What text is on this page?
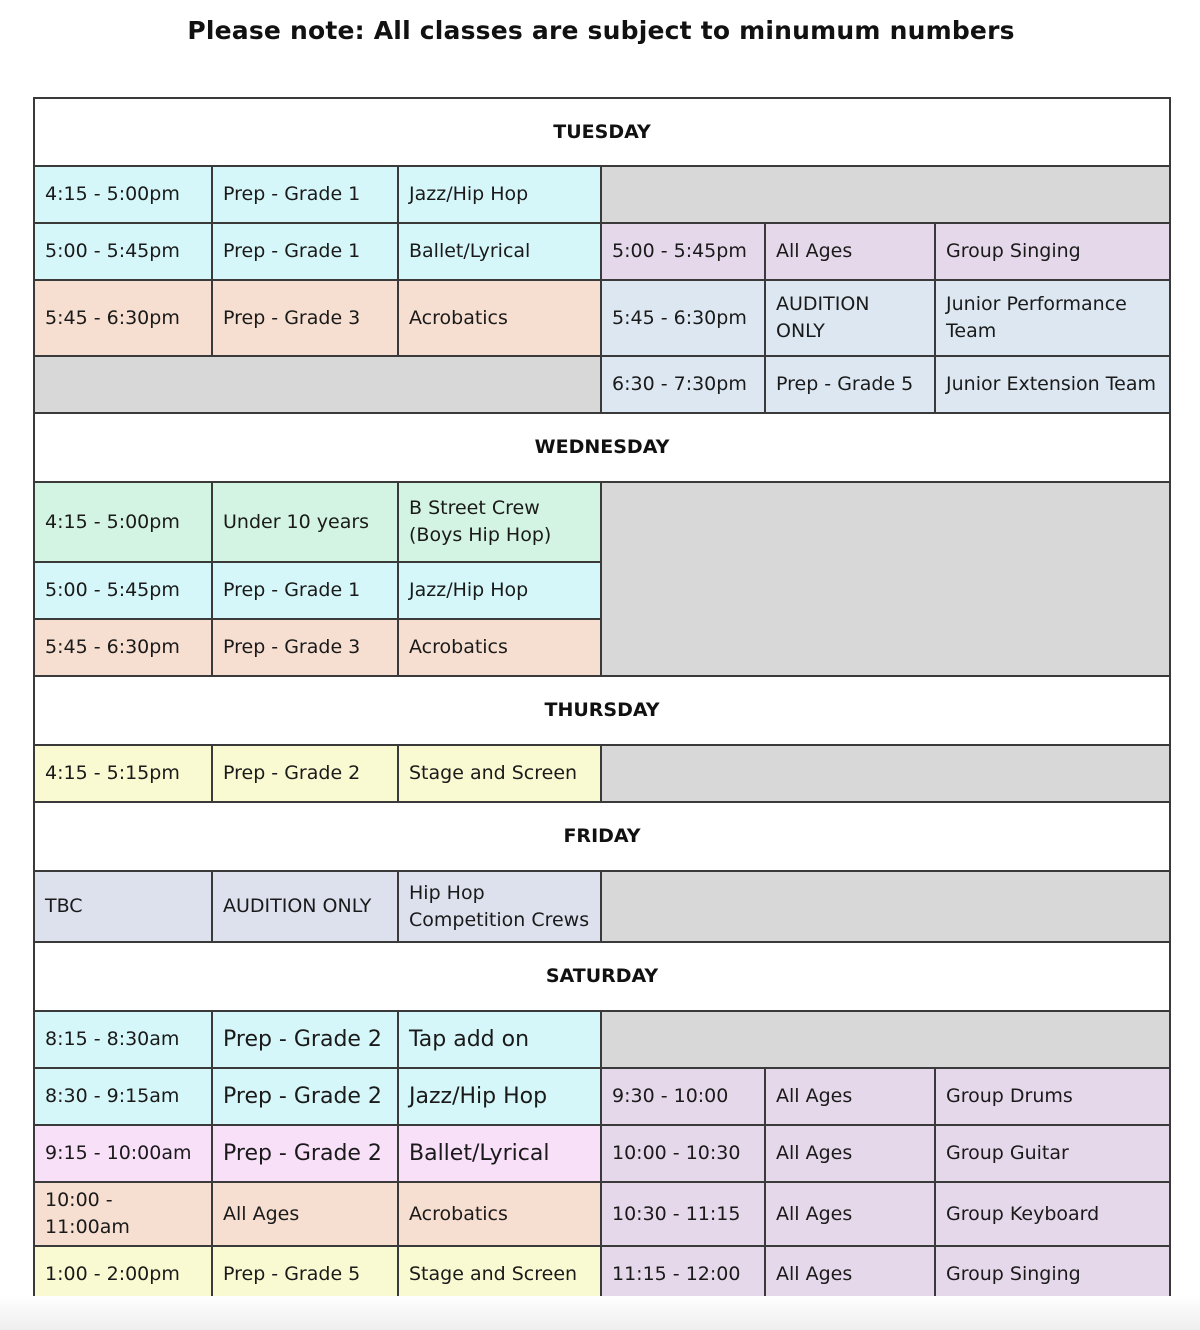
Please note: All classes are subject to minumum numbers
TUESDAY					
4:15 - 5:00pm	Prep - Grade 1	Jazz/Hip Hop			
5:00 - 5:45pm	Prep - Grade 1	Ballet/Lyrical	5:00 - 5:45pm	All Ages	Group Singing
5:45 - 6:30pm	Prep - Grade 3	Acrobatics	5:45 - 6:30pm	AUDITION ONLY	Junior Performance Team
			6:30 - 7:30pm	Prep - Grade 5	Junior Extension Team
WEDNESDAY					
4:15 - 5:00pm	Under 10 years	B Street Crew (Boys Hip Hop)			
5:00 - 5:45pm	Prep - Grade 1	Jazz/Hip Hop			
5:45 - 6:30pm	Prep - Grade 3	Acrobatics			
THURSDAY					
4:15 - 5:15pm	Prep - Grade 2	Stage and Screen			
FRIDAY					
TBC	AUDITION ONLY	Hip Hop Competition Crews			
SATURDAY					
8:15 - 8:30am	Prep - Grade 2	Tap add on			
8:30 - 9:15am	Prep - Grade 2	Jazz/Hip Hop	9:30 - 10:00	All Ages	Group Drums
9:15 - 10:00am	Prep - Grade 2	Ballet/Lyrical	10:00 - 10:30	All Ages	Group Guitar
10:00 - 11:00am	All Ages	Acrobatics	10:30 - 11:15	All Ages	Group Keyboard
1:00 - 2:00pm	Prep - Grade 5	Stage and Screen	11:15 - 12:00	All Ages	Group Singing
